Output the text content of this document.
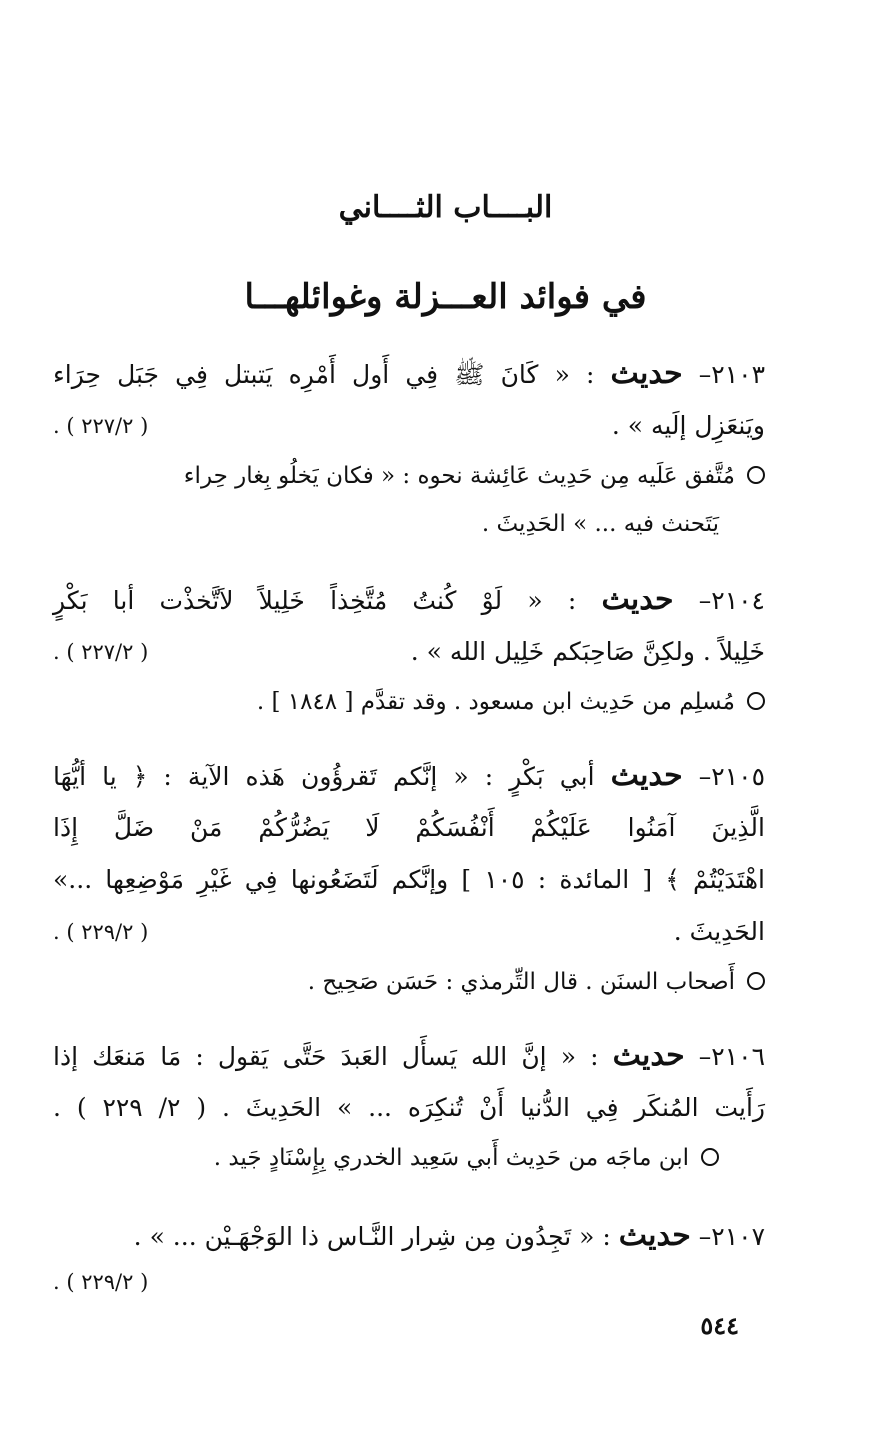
البــــاب الثــــاني
في فوائد العـــزلة وغوائلهـــا
٢١٠٣– حديث : « كَانَ ﷺ فِي أَول أَمْرِه يَتبتل فِي جَبَل حِرَاء
ويَنعَزِل إلَيه » .
( ٢٢٧/٢ ) .
مُتَّفق عَلَيه مِن حَدِيث عَائِشة نحوه : « فكان يَخلُو بِغار حِراء
يَتَحنث فيه ... » الحَدِيثَ .
٢١٠٤– حديث : « لَوْ كُنتُ مُتَّخِذاً خَلِيلاً لاَتَّخذْت أبا بَكْرٍ
خَلِيلاً . ولكِنَّ صَاحِبَكم خَلِيل الله » .
( ٢٢٧/٢ ) .
مُسلِم من حَدِيث ابن مسعود . وقد تقدَّم [ ١٨٤٨ ] .
٢١٠٥– حديث أبي بَكْرٍ : « إنَّكم تَقرؤُون هَذه الآية : ﴿ يا أيُّهَا
الَّذِينَ آمَنُوا عَلَيْكُمْ أَنْفُسَكُمْ لَا يَضُرُّكُمْ مَنْ ضَلَّ إِذَا
اهْتَدَيْتُمْ ﴾ [ المائدة : ١٠٥ ] وإنَّكم لَتَضَعُونها فِي غَيْرِ مَوْضِعِها ...»
الحَدِيثَ .
( ٢٢٩/٢ ) .
أَصحاب السنَن . قال التِّرمذي : حَسَن صَحِيح .
٢١٠٦– حديث : « إنَّ الله يَسأَل العَبدَ حَتَّى يَقول : مَا مَنعَك إذا
رَأَيت المُنكَر فِي الدُّنيا أَنْ تُنكِرَه ... » الحَدِيثَ . ( ٢/ ٢٢٩ ) .
ابن ماجَه من حَدِيث أَبي سَعِيد الخدري بِإِسْنَادٍ جَيد .
٢١٠٧– حديث : « تَجِدُون مِن شِرار النَّـاس ذا الوَجْهَـيْن ... » .
( ٢٢٩/٢ ) .
٥٤٤
